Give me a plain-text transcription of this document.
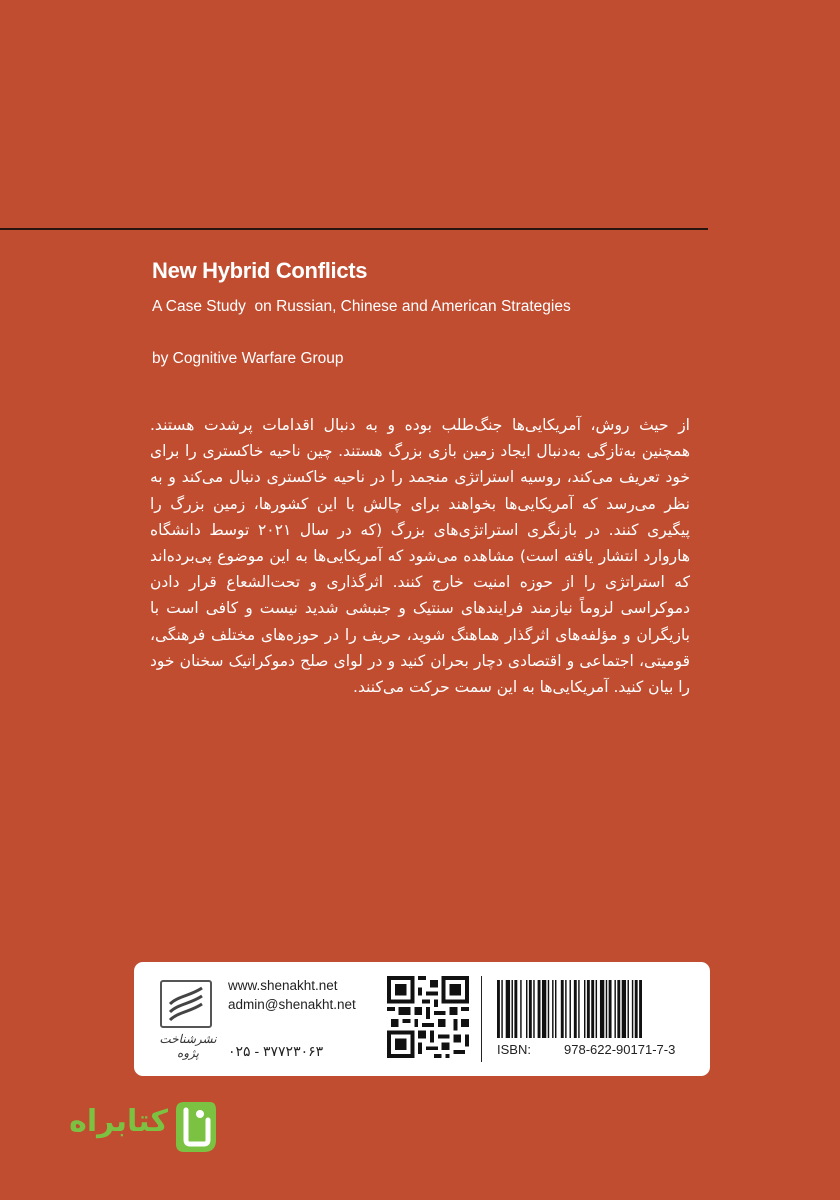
New Hybrid Conflicts
A Case Study  on Russian, Chinese and American Strategies
by Cognitive Warfare Group

از حیث روش، آمریکایی‌ها جنگ‌طلب بوده و به دنبال اقدامات پرشدت هستند. همچنین به‌تازگی به‌دنبال ایجاد زمین بازی بزرگ هستند. چین ناحیه خاکستری را برای خود تعریف می‌کند، روسیه استراتژی منجمد را در ناحیه خاکستری دنبال می‌کند و به نظر می‌رسد که آمریکایی‌ها بخواهند برای چالش با این کشورها، زمین بزرگ را پیگیری کنند. در بازنگری استراتژی‌های بزرگ (که در سال ۲۰۲۱ توسط دانشگاه هاروارد انتشار یافته است) مشاهده می‌شود که آمریکایی‌ها به این موضوع پی‌برده‌اند که استراتژی را از حوزه امنیت خارج کنند. اثرگذاری و تحت‌الشعاع قرار دادن دموکراسی لزوماً نیازمند فرایندهای سنتیک و جنبشی شدید نیست و کافی است با بازیگران و مؤلفه‌های اثرگذار هماهنگ شوید، حریف را در حوزه‌های مختلف فرهنگی، قومیتی، اجتماعی و اقتصادی دچار بحران کنید و در لوای صلح دموکراتیک سخنان خود را بیان کنید. آمریکایی‌ها به این سمت حرکت می‌کنند.

نشرشناخت پژوه
www.shenakht.net
admin@shenakht.net
۰۲۵ - ۳۷۷۲۳۰۶۳	ISBN:	978-622-90171-7-3
کتابراه
